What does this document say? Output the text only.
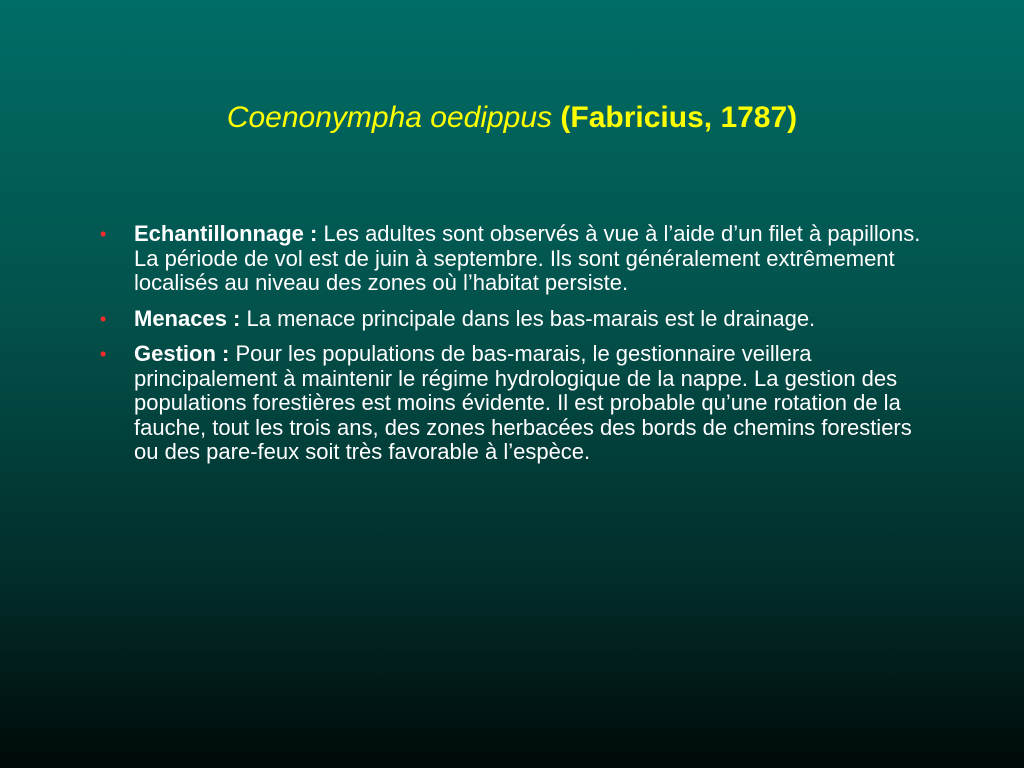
Coenonympha oedippus (Fabricius, 1787)
• Echantillonnage : Les adultes sont observés à vue à l’aide d’un filet à papillons. La période de vol est de juin à septembre. Ils sont généralement extrêmement localisés au niveau des zones où l’habitat persiste.
• Menaces : La menace principale dans les bas-marais est le drainage.
• Gestion : Pour les populations de bas-marais, le gestionnaire veillera principalement à maintenir le régime hydrologique de la nappe. La gestion des populations forestières est moins évidente. Il est probable qu’une rotation de la fauche, tout les trois ans, des zones herbacées des bords de chemins forestiers ou des pare-feux soit très favorable à l’espèce.
